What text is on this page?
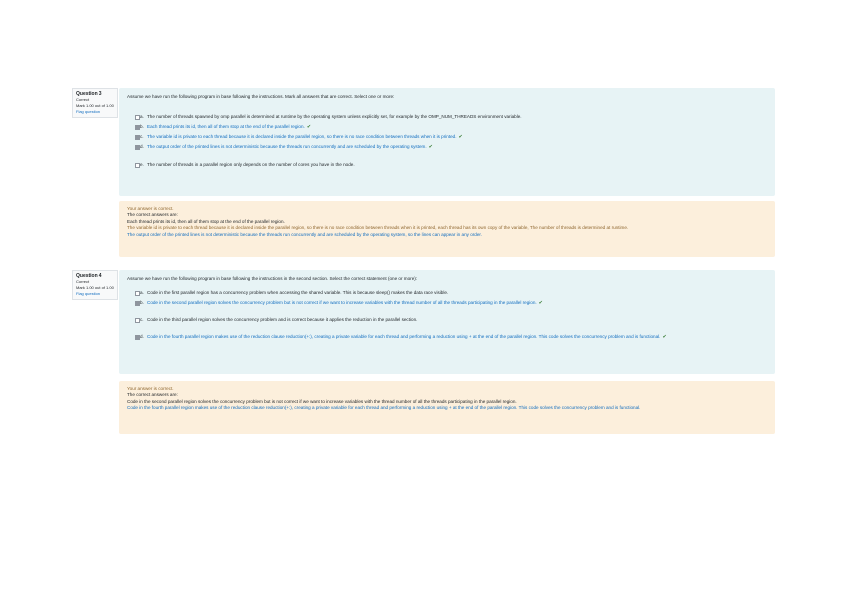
Question 3
Correct
Mark 1.00 out of 1.00
Flag question
Assume we have run the following program in base following the instructions. Mark all answers that are correct. Select one or more:
a. The number of threads spawned by omp parallel is determined at runtime by the operating system unless explicitly set, for example by the OMP_NUM_THREADS environment variable.
b. Each thread prints its id, then all of them stop at the end of the parallel region. ✔
c. The variable id is private to each thread because it is declared inside the parallel region, so there is no race condition between threads when it is printed. ✔
d. The output order of the printed lines is not deterministic because the threads run concurrently and are scheduled by the operating system. ✔
e. The number of threads in a parallel region only depends on the number of cores you have in the node.
Your answer is correct.
The correct answers are:
Each thread prints its id, then all of them stop at the end of the parallel region.
The variable id is private to each thread because it is declared inside the parallel region, so there is no race condition between threads when it is printed, each thread has its own copy of the variable, The number of threads is determined at runtime.
The output order of the printed lines is not deterministic because the threads run concurrently and are scheduled by the operating system, so the lines can appear in any order.
Question 4
Correct
Mark 1.00 out of 1.00
Flag question
Assume we have run the following program in base following the instructions in the second section. Select the correct statement (one or more):
a. Code in the first parallel region has a concurrency problem when accessing the shared variable. This is because sleep() makes the data race visible.
b. Code in the second parallel region solves the concurrency problem but is not correct if we want to increase variables with the thread number of all the threads participating in the parallel region. ✔
c. Code in the third parallel region solves the concurrency problem and is correct because it applies the reduction in the parallel section.
d. Code in the fourth parallel region makes use of the reduction clause reduction(+:), creating a private variable for each thread and performing a reduction using + at the end of the parallel region. This code solves the concurrency problem and is functional. ✔
Your answer is correct.
The correct answers are:
Code in the second parallel region solves the concurrency problem but is not correct if we want to increase variables with the thread number of all the threads participating in the parallel region.
Code in the fourth parallel region makes use of the reduction clause reduction(+:), creating a private variable for each thread and performing a reduction using + at the end of the parallel region. This code solves the concurrency problem and is functional.
